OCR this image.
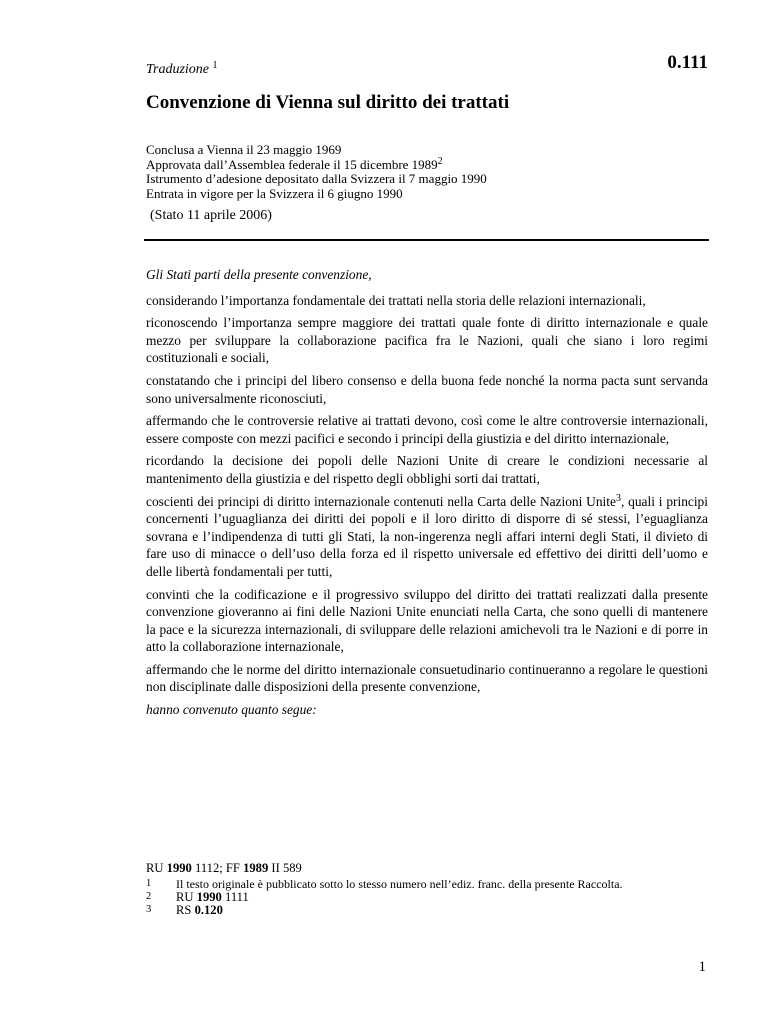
0.111
Traduzione $^1$
Convenzione di Vienna sul diritto dei trattati
Conclusa a Vienna il 23 maggio 1969
Approvata dall’Assemblea federale il 15 dicembre 1989$^2$
Istrumento d’adesione depositato dalla Svizzera il 7 maggio 1990
Entrata in vigore per la Svizzera il 6 giugno 1990
(Stato 11 aprile 2006)

Gli Stati parti della presente convenzione,

considerando l’importanza fondamentale dei trattati nella storia delle relazioni internazionali,

riconoscendo l’importanza sempre maggiore dei trattati quale fonte di diritto internazionale e quale mezzo per sviluppare la collaborazione pacifica fra le Nazioni, quali che siano i loro regimi costituzionali e sociali,

constatando che i principi del libero consenso e della buona fede nonché la norma pacta sunt servanda sono universalmente riconosciuti,

affermando che le controversie relative ai trattati devono, così come le altre controversie internazionali, essere composte con mezzi pacifici e secondo i principi della giustizia e del diritto internazionale,

ricordando la decisione dei popoli delle Nazioni Unite di creare le condizioni necessarie al mantenimento della giustizia e del rispetto degli obblighi sorti dai trattati,

coscienti dei principi di diritto internazionale contenuti nella Carta delle Nazioni Unite$^3$, quali i principi concernenti l’uguaglianza dei diritti dei popoli e il loro diritto di disporre di sé stessi, l’eguaglianza sovrana e l’indipendenza di tutti gli Stati, la non-ingerenza negli affari interni degli Stati, il divieto di fare uso di minacce o dell’uso della forza ed il rispetto universale ed effettivo dei diritti dell’uomo e delle libertà fondamentali per tutti,

convinti che la codificazione e il progressivo sviluppo del diritto dei trattati realizzati dalla presente convenzione gioveranno ai fini delle Nazioni Unite enunciati nella Carta, che sono quelli di mantenere la pace e la sicurezza internazionali, di sviluppare delle relazioni amichevoli tra le Nazioni e di porre in atto la collaborazione internazionale,

affermando che le norme del diritto internazionale consuetudinario continueranno a regolare le questioni non disciplinate dalle disposizioni della presente convenzione,

hanno convenuto quanto segue:

RU 1990 1112; FF 1989 II 589
1	Il testo originale è pubblicato sotto lo stesso numero nell’ediz. franc. della presente Raccolta.
2	RU 1990 1111
3	RS 0.120
1
